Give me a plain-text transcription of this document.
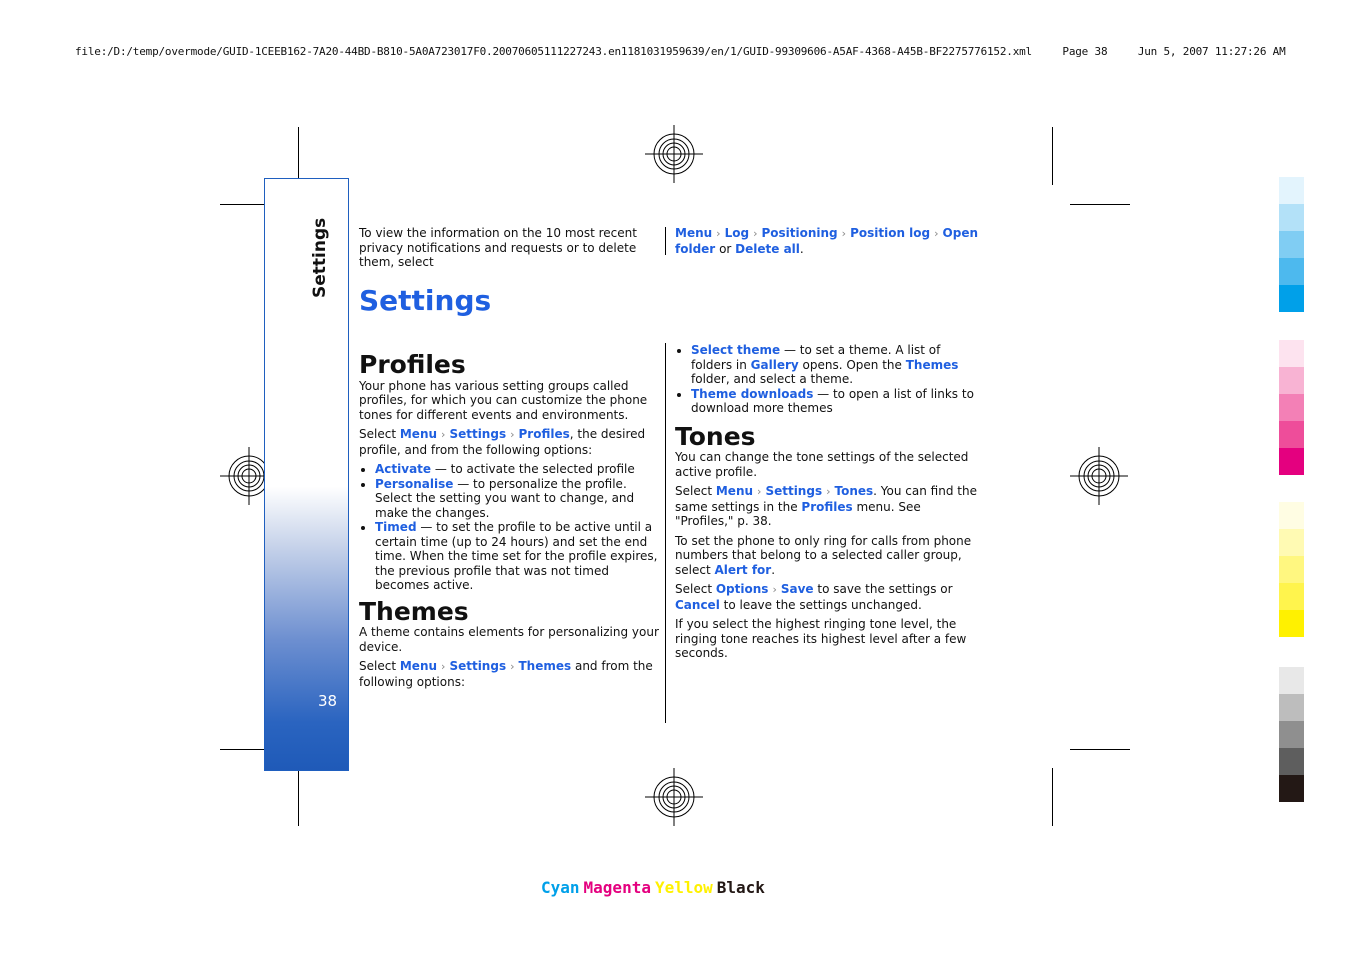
file:/D:/temp/overmode/GUID-1CEEB162-7A20-44BD-B810-5A0A723017F0.20070605111227243.en1181031959639/en/1/GUID-99309606-A5AF-4368-A45B-BF2275776152.xml	Page 38	Jun 5, 2007 11:27:26 AM
Settings
38
To view the information on the 10 most recent privacy notifications and requests or to delete them, select
Menu › Log › Positioning › Position log › Open folder or Delete all.
Settings
Profiles

Your phone has various setting groups called profiles, for which you can customize the phone tones for different events and environments.

Select Menu › Settings › Profiles, the desired profile, and from the following options:

• Activate — to activate the selected profile
• Personalise — to personalize the profile. Select the setting you want to change, and make the changes.
• Timed — to set the profile to be active until a certain time (up to 24 hours) and set the end time. When the time set for the profile expires, the previous profile that was not timed becomes active.
Themes

A theme contains elements for personalizing your device.

Select Menu › Settings › Themes and from the following options:

• Select theme — to set a theme. A list of folders in Gallery opens. Open the Themes folder, and select a theme.
• Theme downloads — to open a list of links to download more themes
Tones

You can change the tone settings of the selected active profile.

Select Menu › Settings › Tones. You can find the same settings in the Profiles menu. See "Profiles," p. 38.

To set the phone to only ring for calls from phone numbers that belong to a selected caller group, select Alert for.

Select Options › Save to save the settings or Cancel to leave the settings unchanged.

If you select the highest ringing tone level, the ringing tone reaches its highest level after a few seconds.

Cyan Magenta Yellow Black
